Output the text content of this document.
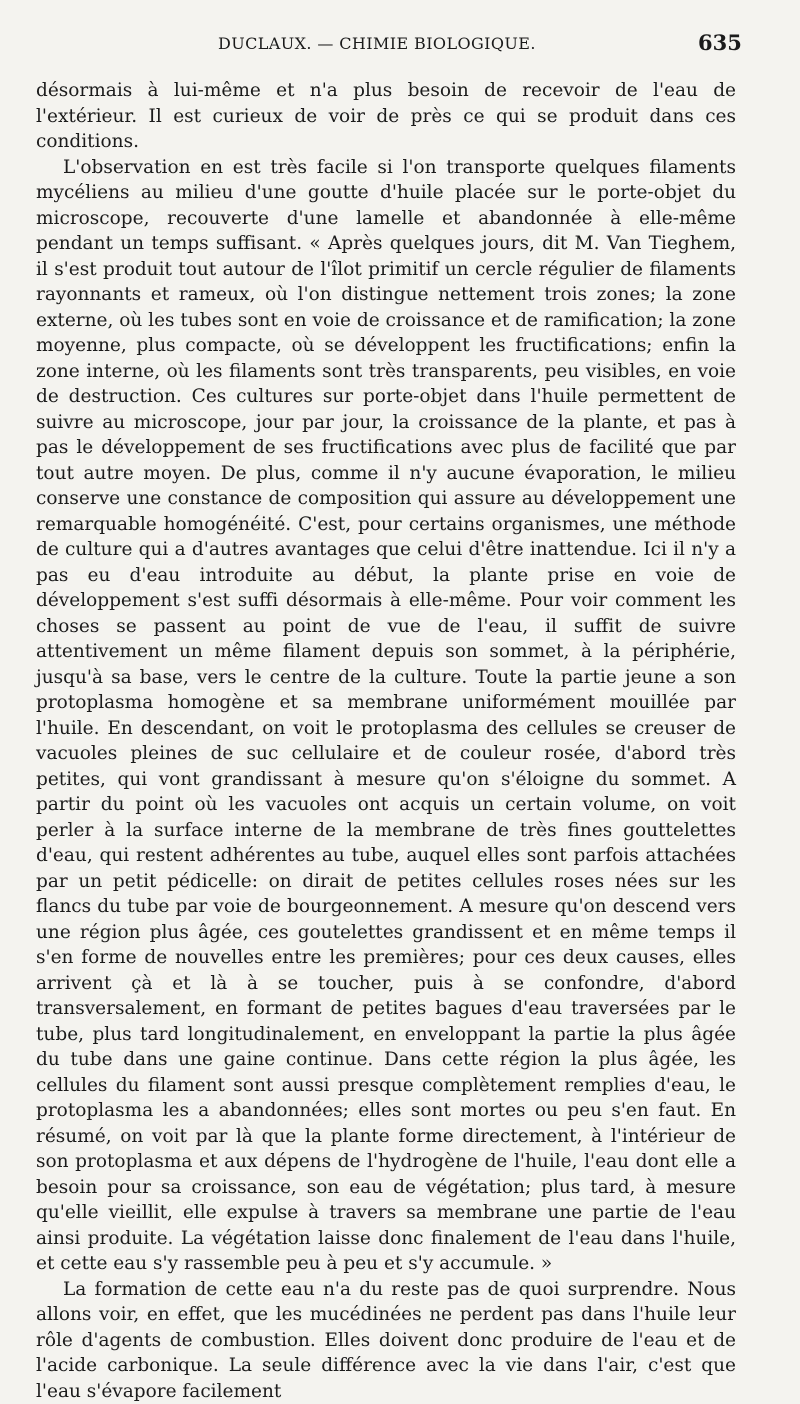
DUCLAUX. — CHIMIE BIOLOGIQUE.	635

désormais à lui-même et n'a plus besoin de recevoir de l'eau de l'extérieur. Il est curieux de voir de près ce qui se produit dans ces conditions.

L'observation en est très facile si l'on transporte quelques filaments mycéliens au milieu d'une goutte d'huile placée sur le porte-objet du microscope, recouverte d'une lamelle et abandonnée à elle-même pendant un temps suffisant. « Après quelques jours, dit M. Van Tieghem, il s'est produit tout autour de l'îlot primitif un cercle régulier de filaments rayonnants et rameux, où l'on distingue nettement trois zones; la zone externe, où les tubes sont en voie de croissance et de ramification; la zone moyenne, plus compacte, où se développent les fructifications; enfin la zone interne, où les filaments sont très transparents, peu visibles, en voie de destruction. Ces cultures sur porte-objet dans l'huile permettent de suivre au microscope, jour par jour, la croissance de la plante, et pas à pas le développement de ses fructifications avec plus de facilité que par tout autre moyen. De plus, comme il n'y aucune évaporation, le milieu conserve une constance de composition qui assure au développement une remarquable homogénéité. C'est, pour certains organismes, une méthode de culture qui a d'autres avantages que celui d'être inattendue. Ici il n'y a pas eu d'eau introduite au début, la plante prise en voie de développement s'est suffi désormais à elle-même. Pour voir comment les choses se passent au point de vue de l'eau, il suffit de suivre attentivement un même filament depuis son sommet, à la périphérie, jusqu'à sa base, vers le centre de la culture. Toute la partie jeune a son protoplasma homogène et sa membrane uniformément mouillée par l'huile. En descendant, on voit le protoplasma des cellules se creuser de vacuoles pleines de suc cellulaire et de couleur rosée, d'abord très petites, qui vont grandissant à mesure qu'on s'éloigne du sommet. A partir du point où les vacuoles ont acquis un certain volume, on voit perler à la surface interne de la membrane de très fines gouttelettes d'eau, qui restent adhérentes au tube, auquel elles sont parfois attachées par un petit pédicelle: on dirait de petites cellules roses nées sur les flancs du tube par voie de bourgeonnement. A mesure qu'on descend vers une région plus âgée, ces goutelettes grandissent et en même temps il s'en forme de nouvelles entre les premières; pour ces deux causes, elles arrivent çà et là à se toucher, puis à se confondre, d'abord transversalement, en formant de petites bagues d'eau traversées par le tube, plus tard longitudinalement, en enveloppant la partie la plus âgée du tube dans une gaine continue. Dans cette région la plus âgée, les cellules du filament sont aussi presque complètement remplies d'eau, le protoplasma les a abandonnées; elles sont mortes ou peu s'en faut. En résumé, on voit par là que la plante forme directement, à l'intérieur de son protoplasma et aux dépens de l'hydrogène de l'huile, l'eau dont elle a besoin pour sa croissance, son eau de végétation; plus tard, à mesure qu'elle vieillit, elle expulse à travers sa membrane une partie de l'eau ainsi produite. La végétation laisse donc finalement de l'eau dans l'huile, et cette eau s'y rassemble peu à peu et s'y accumule. »

La formation de cette eau n'a du reste pas de quoi surprendre. Nous allons voir, en effet, que les mucédinées ne perdent pas dans l'huile leur rôle d'agents de combustion. Elles doivent donc produire de l'eau et de l'acide carbonique. La seule différence avec la vie dans l'air, c'est que l'eau s'évapore facilement
